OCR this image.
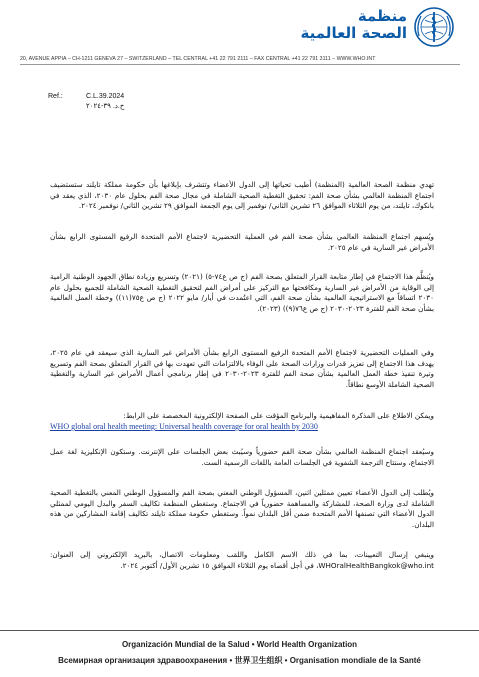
منظمة
الصحة العالمية
20, AVENUE APPIA – CH-1211 GENEVA 27 – SWITZERLAND – TEL CENTRAL +41 22 791 2111 – FAX CENTRAL +41 22 791 3111 – WWW.WHO.INT
Ref.:	C.L.39.2024
خ.د. ٣٩-٢٠٢٤
تهدي منظمة الصحة العالمية (المنظمة) أطيب تحياتها إلى الدول الأعضاء وتتشرف بإبلاغها بأن حكومة مملكة تايلند ستستضيف اجتماع المنظمة العالمي بشأن صحة الفم: تحقيق التغطية الصحية الشاملة في مجال صحة الفم بحلول عام ٢٠٣٠، الذي يعقد في بانكوك، تايلند، من يوم الثلاثاء الموافق ٢٦ تشرين الثاني/ نوفمبر إلى يوم الجمعة الموافق ٢٩ تشرين الثاني/ نوفمبر ٢٠٢٤.
ويُسهم اجتماع المنظمة العالمي بشأن صحة الفم في العملية التحضيرية لاجتماع الأمم المتحدة الرفيع المستوى الرابع بشأن الأمراض غير السارية في عام ٢٠٢٥.
ويُنظَّم هذا الاجتماع في إطار متابعة القرار المتعلق بصحة الفم (ج ص ع٧٤-٥) (٢٠٢١) وتسريع وزيادة نطاق الجهود الوطنية الرامية إلى الوقاية من الأمراض غير السارية ومكافحتها مع التركيز على أمراض الفم لتحقيق التغطية الصحية الشاملة للجميع بحلول عام ٢٠٣٠ اتساقاً مع الاستراتيجية العالمية بشأن صحة الفم، التي اعتُمدت في أيار/ مايو ٢٠٢٢ (ج ص ع٧٥(١١)) وخطة العمل العالمية بشأن صحة الفم للفترة ٢٠٢٣-٢٠٣٠ (ج ص ع٧٦(٩)) (٢٠٢٣).
وفي العمليات التحضيرية لاجتماع الأمم المتحدة الرفيع المستوى الرابع بشأن الأمراض غير السارية الذي سيعقد في عام ٢٠٢٥، يهدف هذا الاجتماع إلى تعزيز قدرات وزارات الصحة على الوفاء بالالتزامات التي تعهدت بها في القرار المتعلق بصحة الفم وتسريع وتيرة تنفيذ خطة العمل العالمية بشأن صحة الفم للفترة ٢٠٢٣-٢٠٣٠ في إطار برنامجي أعمال الأمراض غير السارية والتغطية الصحية الشاملة الأوسع نطاقاً.
ويمكن الاطلاع على المذكرة المفاهيمية والبرنامج المؤقت على الصفحة الإلكترونية المخصصة على الرابط:
WHO global oral health meeting: Universal health coverage for oral health by 2030
وسيُعقد اجتماع المنظمة العالمي بشأن صحة الفم حضورياً وسيُبث بعض الجلسات على الإنترنت. وستكون الإنكليزية لغة عمل الاجتماع، وستتاح الترجمة الشفوية في الجلسات العامة باللغات الرسمية الست.
ويُطلب إلى الدول الأعضاء تعيين ممثلين اثنين، المسؤول الوطني المعني بصحة الفم والمسؤول الوطني المعني بالتغطية الصحية الشاملة لدى وزارة الصحة، للمشاركة والمساهمة حضورياً في الاجتماع. وستغطي المنظمة تكاليف السفر والبدل اليومي لممثلي الدول الأعضاء التي تصنفها الأمم المتحدة ضمن أقل البلدان نمواً. وستغطي حكومة مملكة تايلند تكاليف إقامة المشاركين من هذه البلدان.
وينبغي إرسال التعيينات، بما في ذلك الاسم الكامل واللقب ومعلومات الاتصال، بالبريد الإلكتروني إلى العنوان: WHOralHealthBangkok@who.int، في أجل أقصاه يوم الثلاثاء الموافق ١٥ تشرين الأول/ أكتوبر ٢٠٢٤.
Organización Mundial de la Salud • World Health Organization
Всемирная организация здравоохранения • 世界卫生组织 • Organisation mondiale de la Santé
